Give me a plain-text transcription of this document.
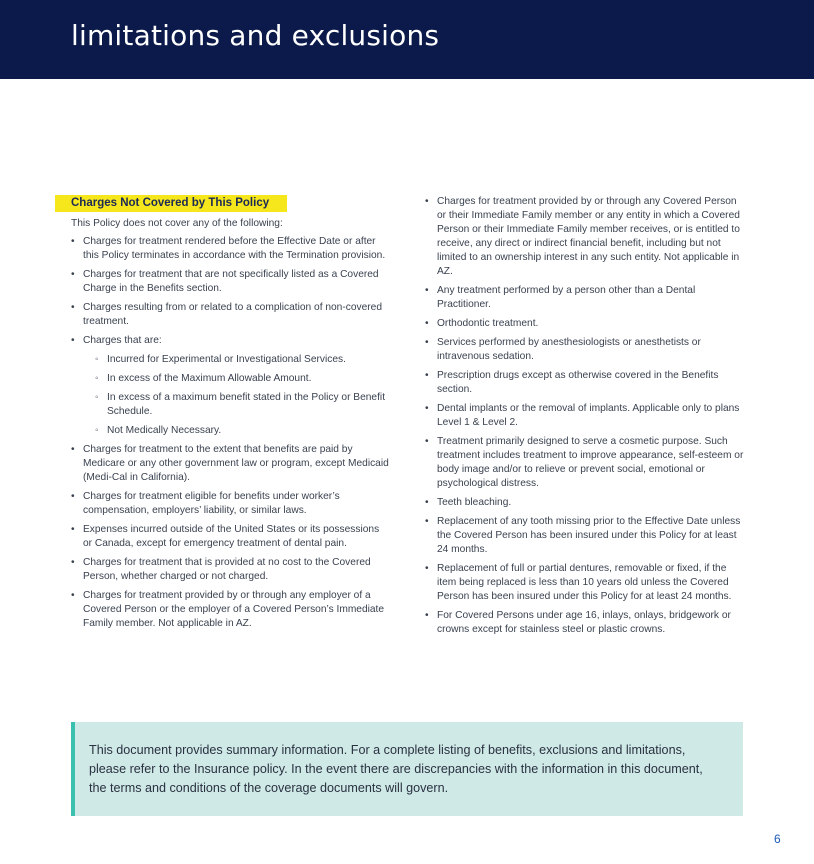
limitations and exclusions
Charges Not Covered by This Policy

This Policy does not cover any of the following:

• Charges for treatment rendered before the Effective Date or after this Policy terminates in accordance with the Termination provision.
• Charges for treatment that are not specifically listed as a Covered Charge in the Benefits section.
• Charges resulting from or related to a complication of non-covered treatment.
• Charges that are:
◦ Incurred for Experimental or Investigational Services.
◦ In excess of the Maximum Allowable Amount.
◦ In excess of a maximum benefit stated in the Policy or Benefit Schedule.
◦ Not Medically Necessary.
• Charges for treatment to the extent that benefits are paid by Medicare or any other government law or program, except Medicaid (Medi-Cal in California).
• Charges for treatment eligible for benefits under worker’s compensation, employers’ liability, or similar laws.
• Expenses incurred outside of the United States or its possessions or Canada, except for emergency treatment of dental pain.
• Charges for treatment that is provided at no cost to the Covered Person, whether charged or not charged.
• Charges for treatment provided by or through any employer of a Covered Person or the employer of a Covered Person’s Immediate Family member. Not applicable in AZ.
• Charges for treatment provided by or through any Covered Person or their Immediate Family member or any entity in which a Covered Person or their Immediate Family member receives, or is entitled to receive, any direct or indirect financial benefit, including but not limited to an ownership interest in any such entity. Not applicable in AZ.
• Any treatment performed by a person other than a Dental Practitioner.
• Orthodontic treatment.
• Services performed by anesthesiologists or anesthetists or intravenous sedation.
• Prescription drugs except as otherwise covered in the Benefits section.
• Dental implants or the removal of implants. Applicable only to plans Level 1 & Level 2.
• Treatment primarily designed to serve a cosmetic purpose. Such treatment includes treatment to improve appearance, self-esteem or body image and/or to relieve or prevent social, emotional or psychological distress.
• Teeth bleaching.
• Replacement of any tooth missing prior to the Effective Date unless the Covered Person has been insured under this Policy for at least 24 months.
• Replacement of full or partial dentures, removable or fixed, if the item being replaced is less than 10 years old unless the Covered Person has been insured under this Policy for at least 24 months.
• For Covered Persons under age 16, inlays, onlays, bridgework or crowns except for stainless steel or plastic crowns.

This document provides summary information. For a complete listing of benefits, exclusions and limitations, please refer to the Insurance policy. In the event there are discrepancies with the information in this document, the terms and conditions of the coverage documents will govern.

6
